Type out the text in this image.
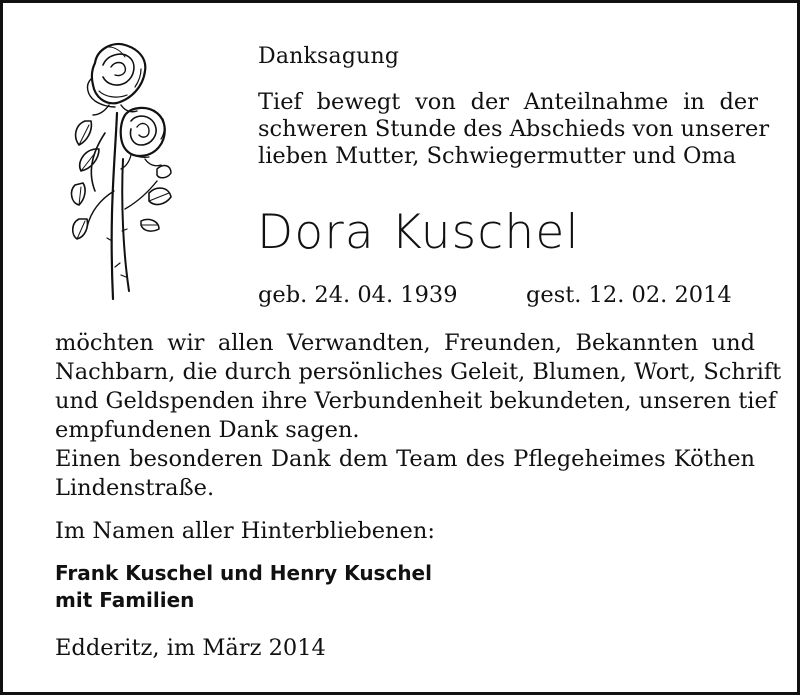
Danksagung

Tief bewegt von der Anteilnahme in der
schweren Stunde des Abschieds von unserer
lieben Mutter, Schwiegermutter und Oma

Dora Kuschel

geb. 24. 04. 1939	gest. 12. 02. 2014

möchten wir allen Verwandten, Freunden, Bekannten und
Nachbarn, die durch persönliches Geleit, Blumen, Wort, Schrift
und Geldspenden ihre Verbundenheit bekundeten, unseren tief
empfundenen Dank sagen.
Einen besonderen Dank dem Team des Pflegeheimes Köthen
Lindenstraße.

Im Namen aller Hinterbliebenen:

Frank Kuschel und Henry Kuschel
mit Familien

Edderitz, im März 2014
